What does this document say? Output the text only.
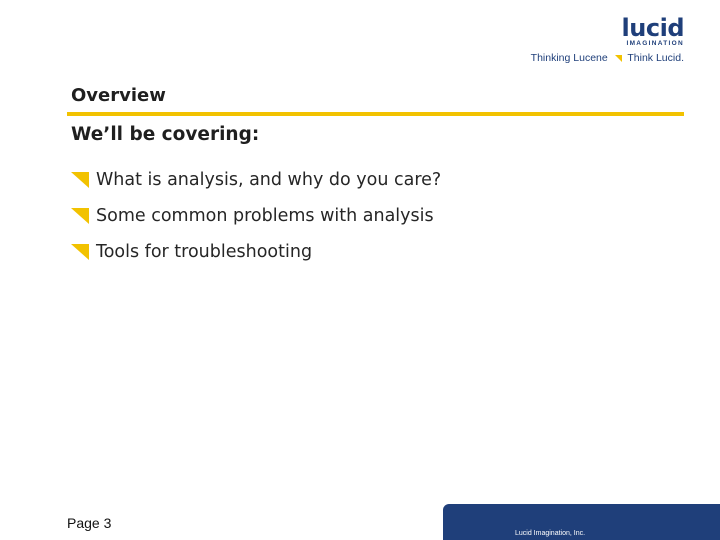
lucid
IMAGINATION
Thinking Lucene Think Lucid.
Overview
We’ll be covering:
What is analysis, and why do you care?
Some common problems with analysis
Tools for troubleshooting
Page 3
Lucid Imagination, Inc.
